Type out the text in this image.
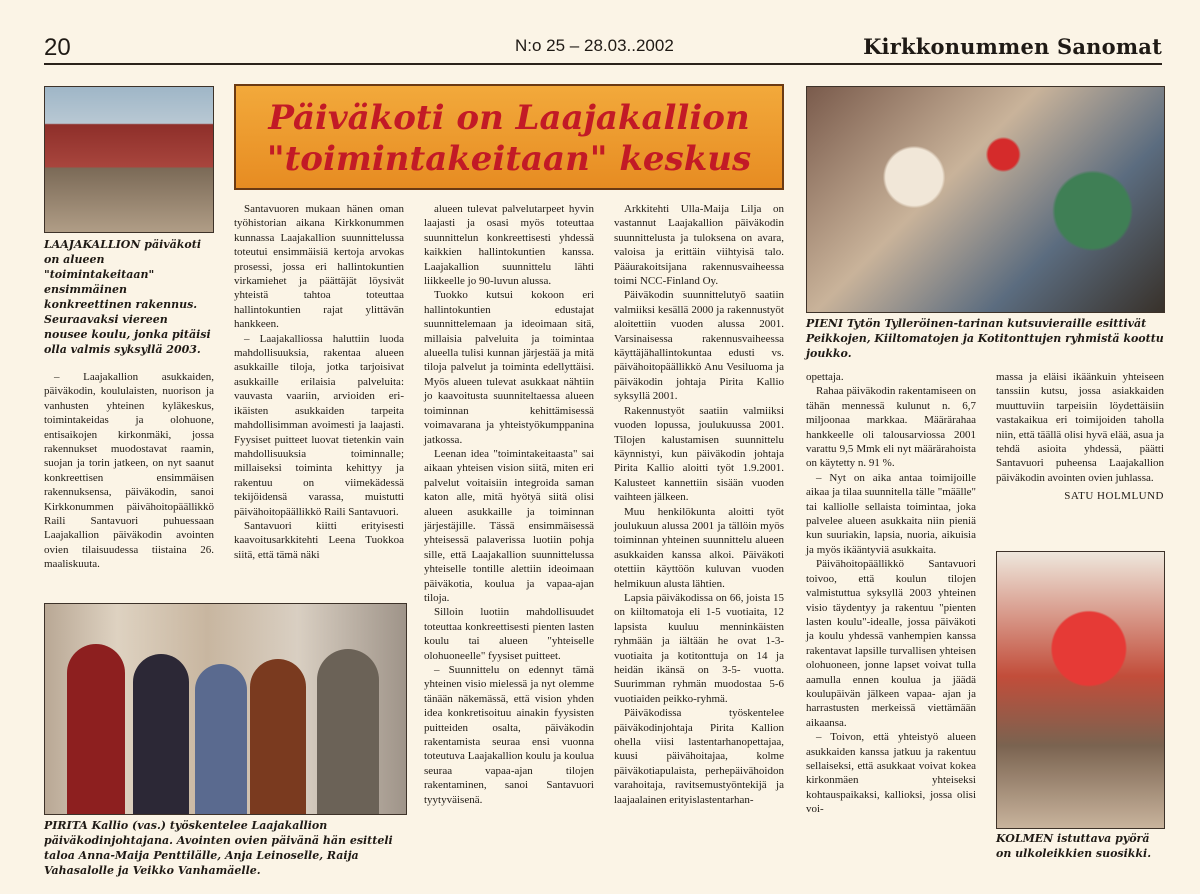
20	N:o 25 – 28.03..2002	Kirkkonummen Sanomat
LAAJAKALLION päiväkoti on alueen "toimintakeitaan" ensimmäinen konkreettinen rakennus. Seuraavaksi viereen nousee koulu, jonka pitäisi olla valmis syksyllä 2003.
Päiväkoti on Laajakallion
"toimintakeitaan" keskus
PIENI Tytön Tylleröinen-tarinan kutsuvieraille esittivät Peikkojen, Kiiltomatojen ja Kotitonttujen ryhmistä koottu joukko.

– Laajakallion asukkaiden, päiväkodin, koululaisten, nuorison ja vanhusten yhteinen kyläkeskus, toimintakeidas ja olohuone, entisaikojen kirkonmäki, jossa rakennukset muodostavat raamin, suojan ja torin jatkeen, on nyt saanut konkreettisen ensimmäisen rakennuksensa, päiväkodin, sanoi Kirkkonummen päivähoitopäällikkö Raili Santavuori puhuessaan Laajakallion päiväkodin avointen ovien tilaisuudessa tiistaina 26. maaliskuuta.

Santavuoren mukaan hänen oman työhistorian aikana Kirkkonummen kunnassa Laajakallion suunnittelussa toteutui ensimmäisiä kertoja arvokas prosessi, jossa eri hallintokuntien virkamiehet ja päättäjät löysivät yhteistä tahtoa toteuttaa hallintokuntien rajat ylittävän hankkeen.

– Laajakalliossa haluttiin luoda mahdollisuuksia, rakentaa alueen asukkaille tiloja, jotka tarjoisivat asukkaille erilaisia palveluita: vauvasta vaariin, arvioiden eri-ikäisten asukkaiden tarpeita mahdollisimman avoimesti ja laajasti. Fyysiset puitteet luovat tietenkin vain mahdollisuuksia toiminnalle; millaiseksi toiminta kehittyy ja rakentuu on viimekädessä tekijöidensä varassa, muistutti päivähoitopäällikkö Raili Santavuori.

Santavuori kiitti erityisesti kaavoitusarkkitehti Leena Tuokkoa siitä, että tämä näki

alueen tulevat palvelutarpeet hyvin laajasti ja osasi myös toteuttaa suunnittelun konkreettisesti yhdessä kaikkien hallintokuntien kanssa. Laajakallion suunnittelu lähti liikkeelle jo 90-luvun alussa.

Tuokko kutsui kokoon eri hallintokuntien edustajat suunnittelemaan ja ideoimaan sitä, millaisia palveluita ja toimintaa alueella tulisi kunnan järjestää ja mitä tiloja palvelut ja toiminta edellyttäisi. Myös alueen tulevat asukkaat nähtiin jo kaavoitusta suunniteltaessa alueen toiminnan kehittämisessä voimavarana ja yhteistyökumppanina jatkossa.

Leenan idea "toimintakeitaasta" sai aikaan yhteisen vision siitä, miten eri palvelut voitaisiin integroida saman katon alle, mitä hyötyä siitä olisi alueen asukkaille ja toiminnan järjestäjille. Tässä ensimmäisessä yhteisessä palaverissa luotiin pohja sille, että Laajakallion suunnittelussa yhteiselle tontille alettiin ideoimaan päiväkotia, koulua ja vapaa-ajan tiloja.

Silloin luotiin mahdollisuudet toteuttaa konkreettisesti pienten lasten koulu tai alueen "yhteiselle olohuoneelle" fyysiset puitteet.

– Suunnittelu on edennyt tämä yhteinen visio mielessä ja nyt olemme tänään näkemässä, että vision yhden idea konkretisoituu ainakin fyysisten puitteiden osalta, päiväkodin rakentamista seuraa ensi vuonna toteutuva Laajakallion koulu ja koulua seuraa vapaa-ajan tilojen rakentaminen, sanoi Santavuori tyytyväisenä.

Arkkitehti Ulla-Maija Lilja on vastannut Laajakallion päiväkodin suunnittelusta ja tuloksena on avara, valoisa ja erittäin viihtyisä talo. Pääurakoitsijana rakennusvaiheessa toimi NCC-Finland Oy.

Päiväkodin suunnittelutyö saatiin valmiiksi kesällä 2000 ja rakennustyöt aloitettiin vuoden alussa 2001. Varsinaisessa rakennusvaiheessa käyttäjähallintokuntaa edusti vs. päivähoitopäällikkö Anu Vesiluoma ja päiväkodin johtaja Pirita Kallio syksyllä 2001.

Rakennustyöt saatiin valmiiksi vuoden lopussa, joulukuussa 2001. Tilojen kalustamisen suunnittelu käynnistyi, kun päiväkodin johtaja Pirita Kallio aloitti työt 1.9.2001. Kalusteet kannettiin sisään vuoden vaihteen jälkeen.

Muu henkilökunta aloitti työt joulukuun alussa 2001 ja tällöin myös toiminnan yhteinen suunnittelu alueen asukkaiden kanssa alkoi. Päiväkoti otettiin käyttöön kuluvan vuoden helmikuun alusta lähtien.

Lapsia päiväkodissa on 66, joista 15 on kiiltomatoja eli 1-5 vuotiaita, 12 lapsista kuuluu menninkäisten ryhmään ja iältään he ovat 1-3- vuotiaita ja kotitonttuja on 14 ja heidän ikänsä on 3-5- vuotta. Suurimman ryhmän muodostaa 5-6 vuotiaiden peikko-ryhmä.

Päiväkodissa työskentelee päiväkodinjohtaja Pirita Kallion ohella viisi lastentarhanopettajaa, kuusi päivähoitajaa, kolme päiväkotiapulaista, perhepäivähoidon varahoitaja, ravitsemustyöntekijä ja laajaalainen erityislastentarhan-

opettaja.

Rahaa päiväkodin rakentamiseen on tähän mennessä kulunut n. 6,7 miljoonaa markkaa. Määrärahaa hankkeelle oli talousarviossa 2001 varattu 9,5 Mmk eli nyt määrärahoista on käytetty n. 91 %.

– Nyt on aika antaa toimijoille aikaa ja tilaa suunnitella tälle "määlle" tai kalliolle sellaista toimintaa, joka palvelee alueen asukkaita niin pieniä kun suuriakin, lapsia, nuoria, aikuisia ja myös ikääntyviä asukkaita.

Päivähoitopäällikkö Santavuori toivoo, että koulun tilojen valmistuttua syksyllä 2003 yhteinen visio täydentyy ja rakentuu "pienten lasten koulu"-idealle, jossa päiväkoti ja koulu yhdessä vanhempien kanssa rakentavat lapsille turvallisen yhteisen olohuoneen, jonne lapset voivat tulla aamulla ennen koulua ja jäädä koulupäivän jälkeen vapaa- ajan ja harrastusten merkeissä viettämään aikaansa.

– Toivon, että yhteistyö alueen asukkaiden kanssa jatkuu ja rakentuu sellaiseksi, että asukkaat voivat kokea kirkonmäen yhteiseksi kohtauspaikaksi, kallioksi, jossa olisi voi-

massa ja eläisi ikäänkuin yhteiseen tanssiin kutsu, jossa asiakkaiden muuttuviin tarpeisiin löydettäisiin vastakaikua eri toimijoiden taholla niin, että täällä olisi hyvä elää, asua ja tehdä asioita yhdessä, päätti Santavuori puheensa Laajakallion päiväkodin avointen ovien juhlassa.

SATU HOLMLUND
PIRITA Kallio (vas.) työskentelee Laajakallion päiväkodinjohtajana. Avointen ovien päivänä hän esitteli taloa Anna-Maija Penttilälle, Anja Leinoselle, Raija Vahasalolle ja Veikko Vanhamäelle.
KOLMEN istuttava pyörä on ulkoleikkien suosikki.
